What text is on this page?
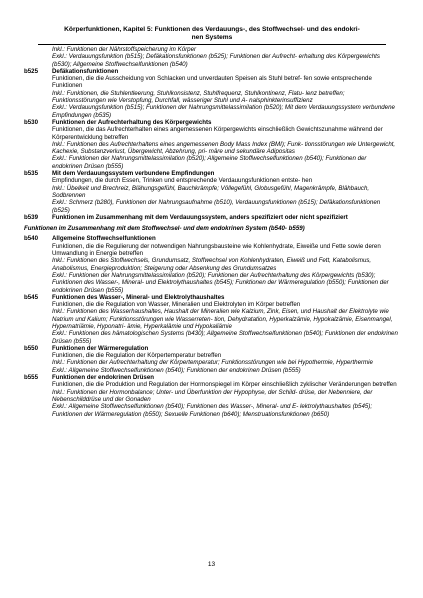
Körperfunktionen, Kapitel 5: Funktionen des Verdauungs-, des Stoffwechsel- und des endokri-
nen Systems
Inkl.: Funktionen der Nährstoffspeicherung im Körper
Exkl.: Verdauungsfunktion (b515); Defäkationsfunktionen (b525); Funktionen der Aufrecht- erhaltung des Körpergewichts (b530); Allgemeine Stoffwechselfunktionen (b540)
b525	Defäkationsfunktionen
Funktionen, die die Ausscheidung von Schlacken und unverdauten Speisen als Stuhl betref- fen sowie entsprechende Funktionen
Inkl.: Funktionen, die Stuhlentleerung, Stuhlkonsistenz, Stuhlfrequenz, Stuhlkontinenz, Flatu- lenz betreffen; Funktionsstörungen wie Verstopfung, Durchfall, wässeriger Stuhl und A- nalsphinkterinsuffizienz
Exkl.: Verdauungsfunktion (b515); Funktionen der Nahrungsmittelassimilation (b520); Mit dem Verdauungssystem verbundene Empfindungen (b535)
b530	Funktionen der Aufrechterhaltung des Körpergewichts
Funktionen, die das Aufrechterhalten eines angemessenen Körpergewichts einschließlich Gewichtszunahme während der Körperentwicklung betreffen
Inkl.: Funktionen des Aufrechterhaltens eines angemessenen Body Mass Index (BMI); Funk- tionsstörungen wie Untergewicht, Kachexie, Substanzverlust, Übergewicht, Abzehrung, pri- märe und sekundäre Adipositas
Exkl.: Funktionen der Nahrungsmittelassimilation (b520); Allgemeine Stoffwechselfunktionen (b540); Funktionen der endokrinen Drüsen (b555)
b535	Mit dem Verdauungssystem verbundene Empfindungen
Empfindungen, die durch Essen, Trinken und entsprechende Verdauungsfunktionen entste- hen
Inkl.: Übelkeit und Brechreiz, Blähungsgefühl, Bauchkrämpfe; Völlegefühl, Globusgefühl, Magenkrämpfe, Blähbauch, Sodbrennen
Exkl.: Schmerz (b280), Funktionen der Nahrungsaufnahme (b510), Verdauungsfunktionen (b515); Defäkationsfunktionen (b525)
b539	Funktionen im Zusammenhang mit dem Verdauungssystem, anders spezifiziert oder nicht spezifiziert
Funktionen im Zusammenhang mit dem Stoffwechsel- und dem endokrinen System (b540- b559)
b540	Allgemeine Stoffwechselfunktionen
Funktionen, die die Regulierung der notwendigen Nahrungsbausteine wie Kohlenhydrate, Eiweiße und Fette sowie deren Umwandlung in Energie betreffen
Inkl.: Funktionen des Stoffwechsels, Grundumsatz, Stoffwechsel von Kohlenhydraten, Eiweiß und Fett, Katabolismus, Anabolismus, Energieproduktion; Steigerung oder Absenkung des Grundumsatzes
Exkl.: Funktionen der Nahrungsmittelassimilation (b520); Funktionen der Aufrechterhaltung des Körpergewichts (b530); Funktionen des Wasser-, Mineral- und Elektrolythaushaltes (b545); Funktionen der Wärmeregulation (b550); Funktionen der endokrinen Drüsen (b555)
b545	Funktionen des Wasser-, Mineral- und Elektrolythaushaltes
Funktionen, die die Regulation von Wasser, Mineralien und Elektrolyten im Körper betreffen
Inkl.: Funktionen des Wasserhaushaltes, Haushalt der Mineralien wie Kalzium, Zink, Eisen, und Haushalt der Elektrolyte wie Natrium und Kalium; Funktionsstörungen wie Wasserreten- tion, Dehydratation, Hyperkalzämie, Hypokalzämie, Eisenmangel, Hypernatriämie, Hyponatri- ämie, Hyperkalämie und Hypokaliämie
Exkl.: Funktionen des hämatologischen Systems (b430); Allgemeine Stoffwechselfunktionen (b540); Funktionen der endokrinen Drüsen (b555)
b550	Funktionen der Wärmeregulation
Funktionen, die die Regulation der Körpertemperatur betreffen
Inkl.: Funktionen der Aufrechterhaltung der Körpertemperatur; Funktionsstörungen wie bei Hypothermie, Hyperthermie
Exkl.: Allgemeine Stoffwechselfunktionen (b540); Funktionen der endokrinen Drüsen (b555)
b555	Funktionen der endokrinen Drüsen
Funktionen, die die Produktion und Regulation der Hormonspiegel im Körper einschließlich zyklischer Veränderungen betreffen
Inkl.: Funktionen der Hormonbalance; Unter- und Überfunktion der Hypophyse, der Schild- drüse, der Nebenniere, der Nebenschilddrüse und der Gonaden
Exkl.: Allgemeine Stoffwechselfunktionen (b540); Funktionen des Wasser-, Mineral- und E- lektrolythaushaltes (b545); Funktionen der Wärmeregulation (b550); Sexuelle Funktionen (b640); Menstruationsfunktionen (b650)
13
